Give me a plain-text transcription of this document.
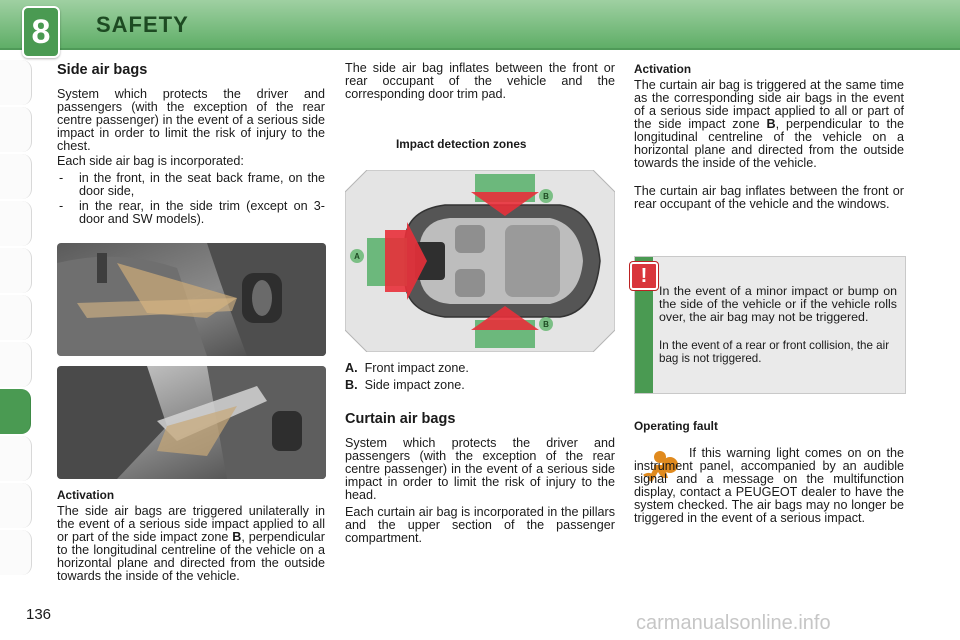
8	SAFETY
Side air bags

System which protects the driver and passengers (with the exception of the rear centre passenger) in the event of a serious side impact in order to limit the risk of injury to the chest.

Each side air bag is incorporated:

- in the front, in the seat back frame, on the door side,
- in the rear, in the side trim (except on 3-door and SW models).
Activation

The side air bags are triggered unilaterally in the event of a serious side impact applied to all or part of the side impact zone B, perpendicular to the longitudinal centreline of the vehicle on a horizontal plane and directed from the outside towards the inside of the vehicle.

The side air bag inflates between the front or rear occupant of the vehicle and the corresponding door trim pad.

Impact detection zones
A
B
B
A. Front impact zone.
B. Side impact zone.
Curtain air bags

System which protects the driver and passengers (with the exception of the rear centre passenger) in the event of a serious side impact in order to limit the risk of injury to the head.

Each curtain air bag is incorporated in the pillars and the upper section of the passenger compartment.

Activation

The curtain air bag is triggered at the same time as the corresponding side air bags in the event of a serious side impact applied to all or part of the side impact zone B, perpendicular to the longitudinal centreline of the vehicle on a horizontal plane and directed from the outside towards the inside of the vehicle.

The curtain air bag inflates between the front or rear occupant of the vehicle and the windows.

In the event of a minor impact or bump on the side of the vehicle or if the vehicle rolls over, the air bag may not be triggered.

In the event of a rear or front collision, the air bag is not triggered.

!
Operating fault

If this warning light comes on on the instrument panel, accompanied by an audible signal and a message on the multifunction display, contact a PEUGEOT dealer to have the system checked. The air bags may no longer be triggered in the event of a serious impact.

136	carmanualsonline.info
